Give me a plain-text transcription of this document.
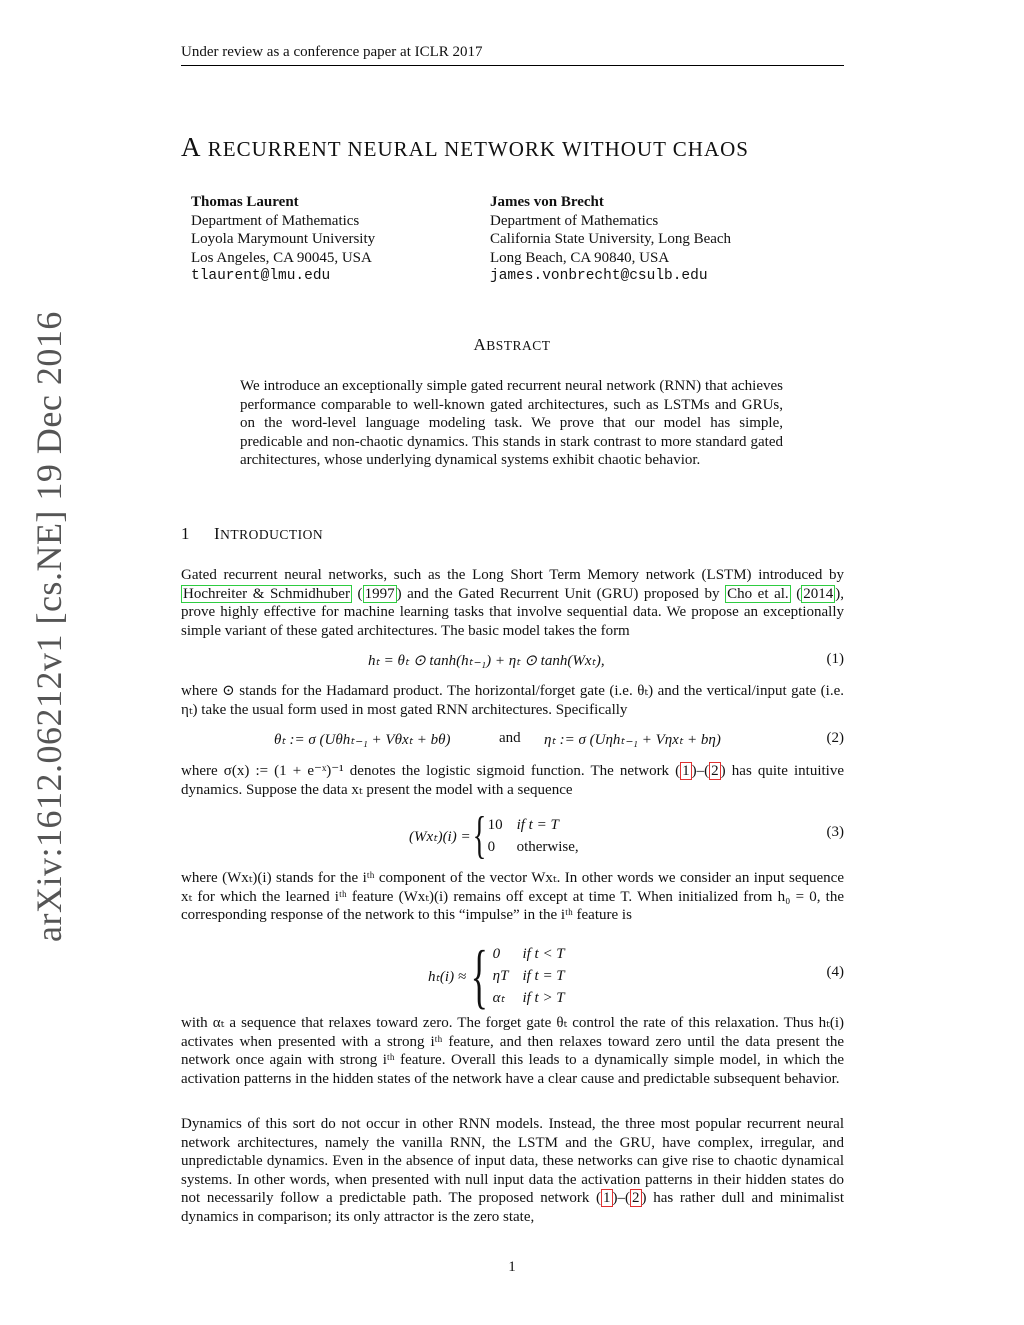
Under review as a conference paper at ICLR 2017
arXiv:1612.06212v1 [cs.NE] 19 Dec 2016
A RECURRENT NEURAL NETWORK WITHOUT CHAOS
Thomas Laurent
Department of Mathematics
Loyola Marymount University
Los Angeles, CA 90045, USA
tlaurent@lmu.edu
James von Brecht
Department of Mathematics
California State University, Long Beach
Long Beach, CA 90840, USA
james.vonbrecht@csulb.edu
ABSTRACT
We introduce an exceptionally simple gated recurrent neural network (RNN) that achieves performance comparable to well-known gated architectures, such as LSTMs and GRUs, on the word-level language modeling task. We prove that our model has simple, predicable and non-chaotic dynamics. This stands in stark contrast to more standard gated architectures, whose underlying dynamical systems exhibit chaotic behavior.
1 INTRODUCTION
Gated recurrent neural networks, such as the Long Short Term Memory network (LSTM) introduced by Hochreiter & Schmidhuber ( 1997 ) and the Gated Recurrent Unit (GRU) proposed by Cho et al. ( 2014 ), prove highly effective for machine learning tasks that involve sequential data. We propose an exceptionally simple variant of these gated architectures. The basic model takes the form
hₜ = θₜ ⊙ tanh(hₜ₋₁) + ηₜ ⊙ tanh(Wxₜ),	(1)
where ⊙ stands for the Hadamard product. The horizontal/forget gate (i.e. θₜ) and the vertical/input gate (i.e. ηₜ) take the usual form used in most gated RNN architectures. Specifically
θₜ := σ (Uθhₜ₋₁ + Vθxₜ + bθ)	and ηₜ := σ (Uηhₜ₋₁ + Vηxₜ + bη)	(2)
where σ(x) := (1 + e⁻ˣ)⁻¹ denotes the logistic sigmoid function. The network ( 1 )–( 2 ) has quite intuitive dynamics. Suppose the data xₜ present the model with a sequence
(Wxₜ)(i) = { 10	if t = T
0	otherwise,
(3)
where (Wxₜ)(i) stands for the iᵗʰ component of the vector Wxₜ. In other words we consider an input sequence xₜ for which the learned iᵗʰ feature (Wxₜ)(i) remains off except at time T. When initialized from h₀ = 0, the corresponding response of the network to this “impulse” in the iᵗʰ feature is
hₜ(i) ≈ { 0	if t < T
ηT	if t = T
αₜ	if t > T
(4)
with αₜ a sequence that relaxes toward zero. The forget gate θₜ control the rate of this relaxation. Thus hₜ(i) activates when presented with a strong iᵗʰ feature, and then relaxes toward zero until the data present the network once again with strong iᵗʰ feature. Overall this leads to a dynamically simple model, in which the activation patterns in the hidden states of the network have a clear cause and predictable subsequent behavior.
Dynamics of this sort do not occur in other RNN models. Instead, the three most popular recurrent neural network architectures, namely the vanilla RNN, the LSTM and the GRU, have complex, irregular, and unpredictable dynamics. Even in the absence of input data, these networks can give rise to chaotic dynamical systems. In other words, when presented with null input data the activation patterns in their hidden states do not necessarily follow a predictable path. The proposed network ( 1 )–( 2 ) has rather dull and minimalist dynamics in comparison; its only attractor is the zero state,
1
